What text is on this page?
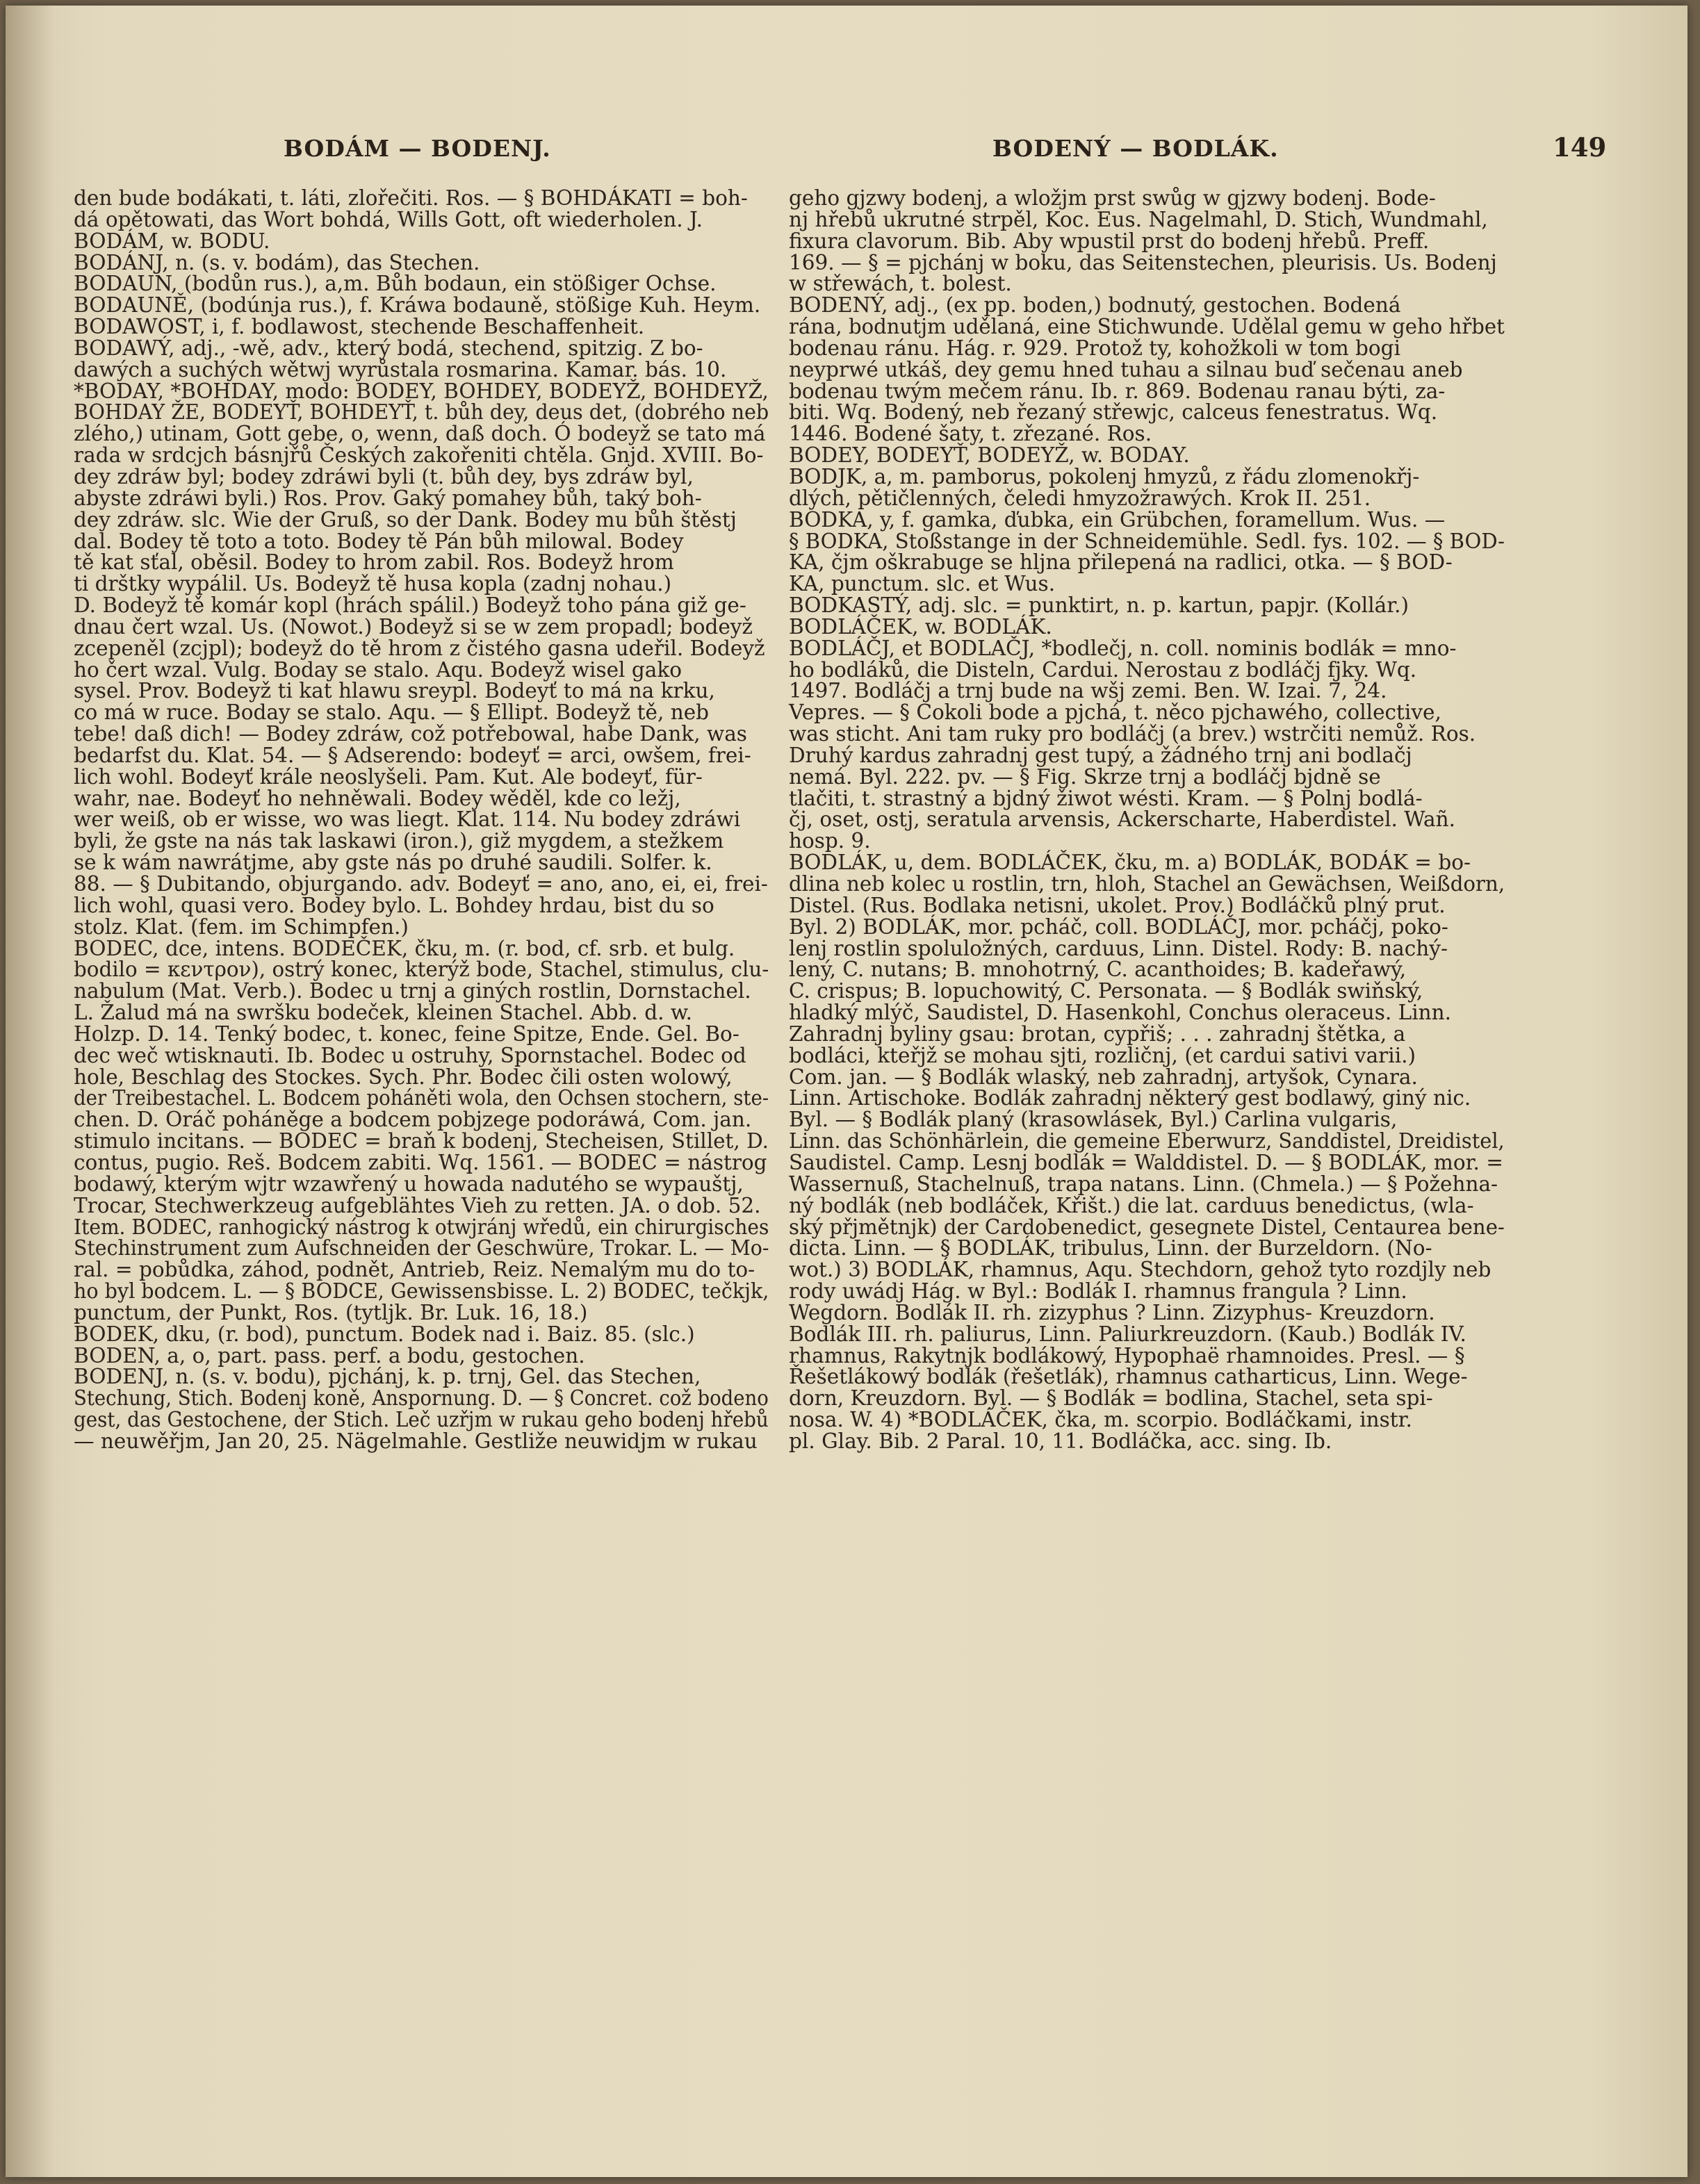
BODÁM — BODENJ.	BODENÝ — BODLÁK.	149

den bude bodákati, t. láti, zlořečiti. Ros. — § BOHDÁKATI = boh-

dá opětowati, das Wort bohdá, Wills Gott, oft wiederholen. J.

BODÁM, w. BODU.

BODÁNJ, n. (s. v. bodám), das Stechen.

BODAUN, (bodůn rus.), a,m. Bůh bodaun, ein stößiger Ochse.

BODAUNĚ, (bodúnja rus.), f. Kráwa bodauně, stößige Kuh. Heym.

BODAWOST, i, f. bodlawost, stechende Beschaffenheit.

BODAWÝ, adj., -wě, adv., který bodá, stechend, spitzig. Z bo-

dawých a suchých wětwj wyrůstala rosmarina. Kamar. bás. 10.

*BODAY, *BOHDAY, modo: BODEY, BOHDEY, BODEYŽ, BOHDEYŽ,

BOHDAY ŽE, BODEYŤ, BOHDEYŤ, t. bůh dey, deus det, (dobrého neb

zlého,) utinam, Gott gebe, o, wenn, daß doch. Ó bodeyž se tato má

rada w srdcjch básnjřů Českých zakořeniti chtěla. Gnjd. XVIII. Bo-

dey zdráw byl; bodey zdráwi byli (t. bůh dey, bys zdráw byl,

abyste zdráwi byli.) Ros. Prov. Gaký pomahey bůh, taký boh-

dey zdráw. slc. Wie der Gruß, so der Dank. Bodey mu bůh štěstj

dal. Bodey tě toto a toto. Bodey tě Pán bůh milowal. Bodey

tě kat sťal, oběsil. Bodey to hrom zabil. Ros. Bodeyž hrom

ti drštky wypálil. Us. Bodeyž tě husa kopla (zadnj nohau.)

D. Bodeyž tě komár kopl (hrách spálil.) Bodeyž toho pána giž ge-

dnau čert wzal. Us. (Nowot.) Bodeyž si se w zem propadl; bodeyž

zcepeněl (zcjpl); bodeyž do tě hrom z čistého gasna udeřil. Bodeyž

ho čert wzal. Vulg. Boday se stalo. Aqu. Bodeyž wisel gako

sysel. Prov. Bodeyž ti kat hlawu sreypl. Bodeyť to má na krku,

co má w ruce. Boday se stalo. Aqu. — § Ellipt. Bodeyž tě, neb

tebe! daß dich! — Bodey zdráw, což potřebowal, habe Dank, was

bedarfst du. Klat. 54. — § Adserendo: bodeyť = arci, owšem, frei-

lich wohl. Bodeyť krále neoslyšeli. Pam. Kut. Ale bodeyť, für-

wahr, nae. Bodeyť ho nehněwali. Bodey wěděl, kde co ležj,

wer weiß, ob er wisse, wo was liegt. Klat. 114. Nu bodey zdráwi

byli, že gste na nás tak laskawi (iron.), giž mygdem, a stežkem

se k wám nawrátjme, aby gste nás po druhé saudili. Solfer. k.

88. — § Dubitando, objurgando. adv. Bodeyť = ano, ano, ei, ei, frei-

lich wohl, quasi vero. Bodey bylo. L. Bohdey hrdau, bist du so

stolz. Klat. (fem. im Schimpfen.)

BODEC, dce, intens. BODEČEK, čku, m. (r. bod, cf. srb. et bulg.

bodilo = κεντρον), ostrý konec, kterýž bode, Stachel, stimulus, clu-

nabulum (Mat. Verb.). Bodec u trnj a giných rostlin, Dornstachel.

L. Žalud má na swršku bodeček, kleinen Stachel. Abb. d. w.

Holzp. D. 14. Tenký bodec, t. konec, feine Spitze, Ende. Gel. Bo-

dec weč wtisknauti. Ib. Bodec u ostruhy, Spornstachel. Bodec od

hole, Beschlag des Stockes. Sych. Phr. Bodec čili osten wolowý,

der Treibestachel. L. Bodcem poháněti wola, den Ochsen stochern, ste-

chen. D. Oráč poháněge a bodcem pobjzege podoráwá, Com. jan.

stimulo incitans. — BODEC = braň k bodenj, Stecheisen, Stillet, D.

contus, pugio. Reš. Bodcem zabiti. Wq. 1561. — BODEC = nástrog

bodawý, kterým wjtr wzawřený u howada nadutého se wypauštj,

Trocar, Stechwerkzeug aufgeblähtes Vieh zu retten. JA. o dob. 52.

Item. BODEC, ranhogický nástrog k otwjránj wředů, ein chirurgisches

Stechinstrument zum Aufschneiden der Geschwüre, Trokar. L. — Mo-

ral. = pobůdka, záhod, podnět, Antrieb, Reiz. Nemalým mu do to-

ho byl bodcem. L. — § BODCE, Gewissensbisse. L. 2) BODEC, tečkjk,

punctum, der Punkt, Ros. (tytljk. Br. Luk. 16, 18.)

BODEK, dku, (r. bod), punctum. Bodek nad i. Baiz. 85. (slc.)

BODEN, a, o, part. pass. perf. a bodu, gestochen.

BODENJ, n. (s. v. bodu), pjchánj, k. p. trnj, Gel. das Stechen,

Stechung, Stich. Bodenj koně, Anspornung. D. — § Concret. což bodeno

gest, das Gestochene, der Stich. Leč uzřjm w rukau geho bodenj hřebů

— neuwěřjm, Jan 20, 25. Nägelmahle. Gestliže neuwidjm w rukau

geho gjzwy bodenj, a wložjm prst swůg w gjzwy bodenj. Bode-

nj hřebů ukrutné strpěl, Koc. Eus. Nagelmahl, D. Stich, Wundmahl,

fixura clavorum. Bib. Aby wpustil prst do bodenj hřebů. Preff.

169. — § = pjchánj w boku, das Seitenstechen, pleurisis. Us. Bodenj

w střewách, t. bolest.

BODENÝ, adj., (ex pp. boden,) bodnutý, gestochen. Bodená

rána, bodnutjm udělaná, eine Stichwunde. Udělal gemu w geho hřbet

bodenau ránu. Hág. r. 929. Protož ty, kohožkoli w tom bogi

neyprwé utkáš, dey gemu hned tuhau a silnau buď sečenau aneb

bodenau twým mečem ránu. Ib. r. 869. Bodenau ranau býti, za-

biti. Wq. Bodený, neb řezaný střewjc, calceus fenestratus. Wq.

1446. Bodené šaty, t. zřezané. Ros.

BODEY, BODEYŤ, BODEYŽ, w. BODAY.

BODJK, a, m. pamborus, pokolenj hmyzů, z řádu zlomenokřj-

dlých, pětičlenných, čeledi hmyzožrawých. Krok II. 251.

BODKA, y, f. gamka, ďubka, ein Grübchen, foramellum. Wus. —

§ BODKA, Stoßstange in der Schneidemühle. Sedl. fys. 102. — § BOD-

KA, čjm oškrabuge se hljna přilepená na radlici, otka. — § BOD-

KA, punctum. slc. et Wus.

BODKASTÝ, adj. slc. = punktirt, n. p. kartun, papjr. (Kollár.)

BODLÁČEK, w. BODLÁK.

BODLÁČJ, et BODLAČJ, *bodlečj, n. coll. nominis bodlák = mno-

ho bodláků, die Disteln, Cardui. Nerostau z bodláčj fjky. Wq.

1497. Bodláčj a trnj bude na wšj zemi. Ben. W. Izai. 7, 24.

Vepres. — § Cokoli bode a pjchá, t. něco pjchawého, collective,

was sticht. Ani tam ruky pro bodláčj (a brev.) wstrčiti nemůž. Ros.

Druhý kardus zahradnj gest tupý, a žádného trnj ani bodlačj

nemá. Byl. 222. pv. — § Fig. Skrze trnj a bodláčj bjdně se

tlačiti, t. strastný a bjdný žiwot wésti. Kram. — § Polnj bodlá-

čj, oset, ostj, seratula arvensis, Ackerscharte, Haberdistel. Wañ.

hosp. 9.

BODLÁK, u, dem. BODLÁČEK, čku, m. a) BODLÁK, BODÁK = bo-

dlina neb kolec u rostlin, trn, hloh, Stachel an Gewächsen, Weißdorn,

Distel. (Rus. Bodlaka netisni, ukolet. Prov.) Bodláčků plný prut.

Byl. 2) BODLÁK, mor. pcháč, coll. BODLÁČJ, mor. pcháčj, poko-

lenj rostlin spoluložných, carduus, Linn. Distel. Rody: B. nachý-

lený, C. nutans; B. mnohotrný, C. acanthoides; B. kadeřawý,

C. crispus; B. lopuchowitý, C. Personata. — § Bodlák swiňský,

hladký mlýč, Saudistel, D. Hasenkohl, Conchus oleraceus. Linn.

Zahradnj byliny gsau: brotan, cypřiš; . . . zahradnj štětka, a

bodláci, kteřjž se mohau sjti, rozličnj, (et cardui sativi varii.)

Com. jan. — § Bodlák wlaský, neb zahradnj, artyšok, Cynara.

Linn. Artischoke. Bodlák zahradnj některý gest bodlawý, giný nic.

Byl. — § Bodlák planý (krasowlásek, Byl.) Carlina vulgaris,

Linn. das Schönhärlein, die gemeine Eberwurz, Sanddistel, Dreidistel,

Saudistel. Camp. Lesnj bodlák = Walddistel. D. — § BODLÁK, mor. =

Wassernuß, Stachelnuß, trapa natans. Linn. (Chmela.) — § Požehna-

ný bodlák (neb bodláček, Křišt.) die lat. carduus benedictus, (wla-

ský přjmětnjk) der Cardobenedict, gesegnete Distel, Centaurea bene-

dicta. Linn. — § BODLÁK, tribulus, Linn. der Burzeldorn. (No-

wot.) 3) BODLÁK, rhamnus, Aqu. Stechdorn, gehož tyto rozdjly neb

rody uwádj Hág. w Byl.: Bodlák I. rhamnus frangula ? Linn.

Wegdorn. Bodlák II. rh. zizyphus ? Linn. Zizyphus- Kreuzdorn.

Bodlák III. rh. paliurus, Linn. Paliurkreuzdorn. (Kaub.) Bodlák IV.

rhamnus, Rakytnjk bodlákowý, Hypophaë rhamnoides. Presl. — §

Řešetlákowý bodlák (řešetlák), rhamnus catharticus, Linn. Wege-

dorn, Kreuzdorn. Byl. — § Bodlák = bodlina, Stachel, seta spi-

nosa. W. 4) *BODLÁČEK, čka, m. scorpio. Bodláčkami, instr.

pl. Glay. Bib. 2 Paral. 10, 11. Bodláčka, acc. sing. Ib.
